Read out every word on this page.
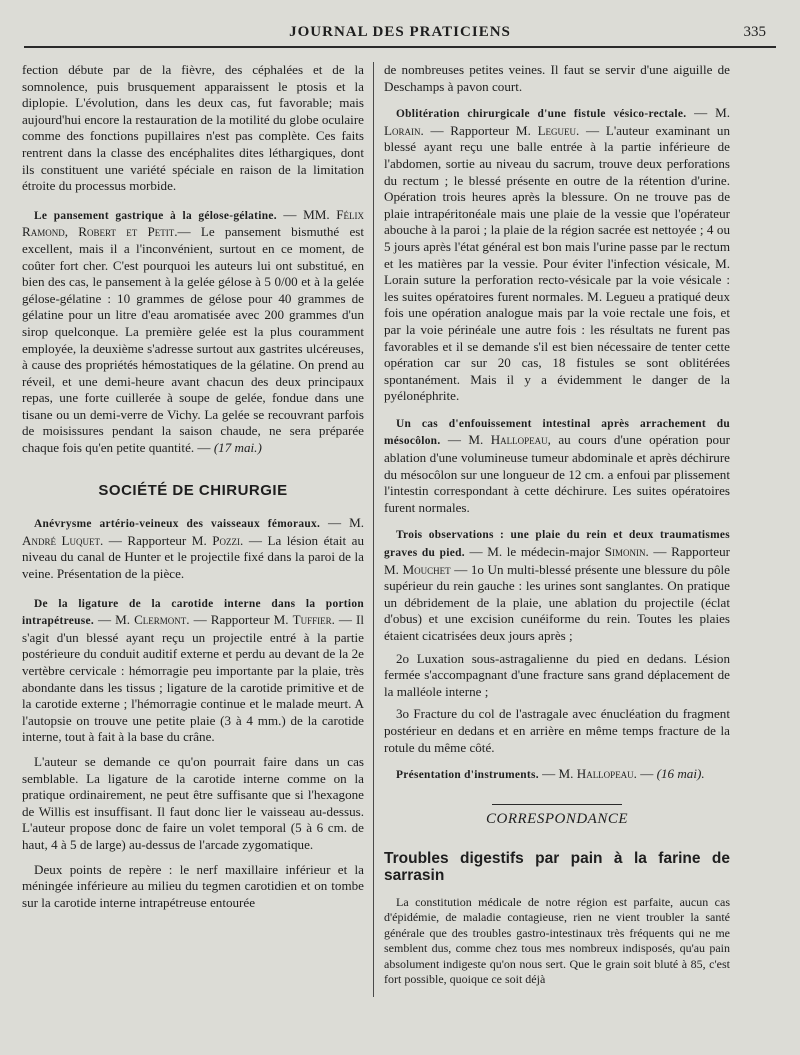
JOURNAL DES PRATICIENS	335

fection débute par de la fièvre, des céphalées et de la somnolence, puis brusquement apparaissent le ptosis et la diplopie. L'évolution, dans les deux cas, fut favorable; mais aujourd'hui encore la restauration de la motilité du globe oculaire comme des fonctions pupillaires n'est pas complète. Ces faits rentrent dans la classe des encéphalites dites léthargiques, dont ils constituent une variété spéciale en raison de la limitation étroite du processus morbide.

Le pansement gastrique à la gélose-gélatine. — MM. Félix Ramond, Robert et Petit.— Le pansement bismuthé est excellent, mais il a l'inconvénient, surtout en ce moment, de coûter fort cher. C'est pourquoi les auteurs lui ont substitué, en bien des cas, le pansement à la gelée gélose à 5 0/00 et à la gelée gélose-gélatine : 10 grammes de gélose pour 40 grammes de gélatine pour un litre d'eau aromatisée avec 200 grammes d'un sirop quelconque. La première gelée est la plus couramment employée, la deuxième s'adresse surtout aux gastrites ulcéreuses, à cause des propriétés hémostatiques de la gélatine. On prend au réveil, et une demi-heure avant chacun des deux principaux repas, une forte cuillerée à soupe de gelée, fondue dans une tisane ou un demi-verre de Vichy. La gelée se recouvrant parfois de moisissures pendant la saison chaude, ne sera préparée chaque fois qu'en petite quantité. — (17 mai.)

SOCIÉTÉ DE CHIRURGIE

Anévrysme artério-veineux des vaisseaux fémoraux. — M. André Luquet. — Rapporteur M. Pozzi. — La lésion était au niveau du canal de Hunter et le projectile fixé dans la paroi de la veine. Présentation de la pièce.

De la ligature de la carotide interne dans la portion intrapétreuse. — M. Clermont. — Rapporteur M. Tuffier. — Il s'agit d'un blessé ayant reçu un projectile entré à la partie postérieure du conduit auditif externe et perdu au devant de la 2e vertèbre cervicale : hémorragie peu importante par la plaie, très abondante dans les tissus ; ligature de la carotide primitive et de la carotide externe ; l'hémorragie continue et le malade meurt. A l'autopsie on trouve une petite plaie (3 à 4 mm.) de la carotide interne, tout à fait à la base du crâne.

L'auteur se demande ce qu'on pourrait faire dans un cas semblable. La ligature de la carotide interne comme on la pratique ordinairement, ne peut être suffisante que si l'hexagone de Willis est insuffisant. Il faut donc lier le vaisseau au-dessus. L'auteur propose donc de faire un volet temporal (5 à 6 cm. de haut, 4 à 5 de large) au-dessus de l'arcade zygomatique.

Deux points de repère : le nerf maxillaire inférieur et la méningée inférieure au milieu du tegmen carotidien et on tombe sur la carotide interne intrapétreuse entourée

de nombreuses petites veines. Il faut se servir d'une aiguille de Deschamps à pavon court.

Oblitération chirurgicale d'une fistule vésico-rectale. — M. Lorain. — Rapporteur M. Legueu. — L'auteur examinant un blessé ayant reçu une balle entrée à la partie inférieure de l'abdomen, sortie au niveau du sacrum, trouve deux perforations du rectum ; le blessé présente en outre de la rétention d'urine. Opération trois heures après la blessure. On ne trouve pas de plaie intrapéritonéale mais une plaie de la vessie que l'opérateur abouche à la paroi ; la plaie de la région sacrée est nettoyée ; 4 ou 5 jours après l'état général est bon mais l'urine passe par le rectum et les matières par la vessie. Pour éviter l'infection vésicale, M. Lorain suture la perforation recto-vésicale par la voie vésicale : les suites opératoires furent normales. M. Legueu a pratiqué deux fois une opération analogue mais par la voie rectale une fois, et par la voie périnéale une autre fois : les résultats ne furent pas favorables et il se demande s'il est bien nécessaire de tenter cette opération car sur 20 cas, 18 fistules se sont oblitérées spontanément. Mais il y a évidemment le danger de la pyélonéphrite.

Un cas d'enfouissement intestinal après arrachement du mésocôlon. — M. Hallopeau, au cours d'une opération pour ablation d'une volumineuse tumeur abdominale et après déchirure du mésocôlon sur une longueur de 12 cm. a enfoui par plissement l'intestin correspondant à cette déchirure. Les suites opératoires furent normales.

Trois observations : une plaie du rein et deux traumatismes graves du pied. — M. le médecin-major Simonin. — Rapporteur M. Mouchet — 1o Un multi-blessé présente une blessure du pôle supérieur du rein gauche : les urines sont sanglantes. On pratique un débridement de la plaie, une ablation du projectile (éclat d'obus) et une excision cunéiforme du rein. Toutes les plaies étaient cicatrisées deux jours après ;

2o Luxation sous-astragalienne du pied en dedans. Lésion fermée s'accompagnant d'une fracture sans grand déplacement de la malléole interne ;

3o Fracture du col de l'astragale avec énucléation du fragment postérieur en dedans et en arrière en même temps fracture de la rotule du même côté.

Présentation d'instruments. — M. Hallopeau. — (16 mai).

CORRESPONDANCE
Troubles digestifs par pain à la farine de sarrasin

La constitution médicale de notre région est parfaite, aucun cas d'épidémie, de maladie contagieuse, rien ne vient troubler la santé générale que des troubles gastro-intestinaux très fréquents qui ne me semblent dus, comme chez tous mes nombreux indisposés, qu'au pain absolument indigeste qu'on nous sert. Que le grain soit bluté à 85, c'est fort possible, quoique ce soit déjà
